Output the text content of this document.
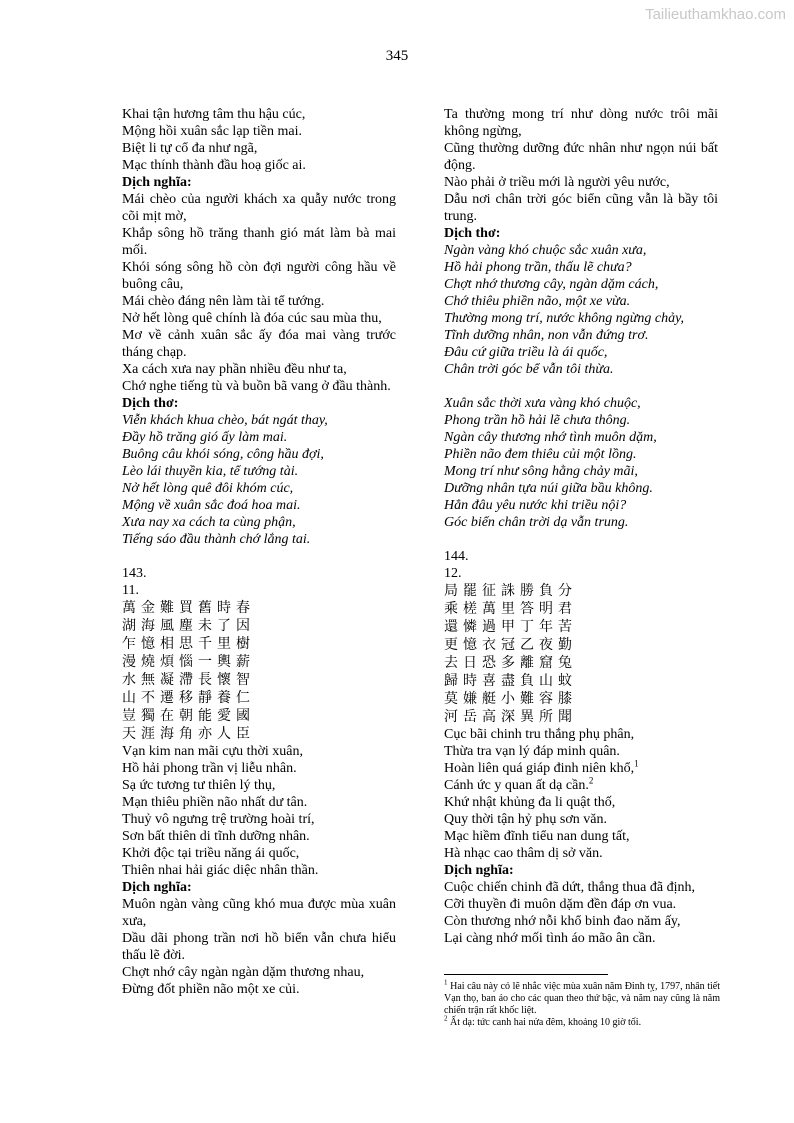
Tailieuthamkhao.com
345
Khai tận hương tâm thu hậu cúc,
Mộng hồi xuân sắc lạp tiền mai.
Biệt li tự cổ đa như ngã,
Mạc thính thành đầu hoạ giốc ai.
Dịch nghĩa:
Mái chèo của người khách xa quẫy nước trong cõi mịt mờ,
Khắp sông hồ trăng thanh gió mát làm bà mai mối.
Khói sóng sông hồ còn đợi người công hầu về buông câu,
Mái chèo đáng nên làm tài tể tướng.
Nở hết lòng quê chính là đóa cúc sau mùa thu,
Mơ về cảnh xuân sắc ấy đóa mai vàng trước tháng chạp.
Xa cách xưa nay phần nhiều đều như ta,
Chớ nghe tiếng tù và buồn bã vang ở đầu thành.
Dịch thơ:
Viễn khách khua chèo, bát ngát thay,
Đầy hồ trăng gió ấy làm mai.
Buông câu khói sóng, công hầu đợi,
Lèo lái thuyền kia, tể tướng tài.
Nở hết lòng quê đôi khóm cúc,
Mộng về xuân sắc đoá hoa mai.
Xưa nay xa cách ta cùng phận,
Tiếng sáo đầu thành chớ lắng tai.
143.
11.
萬金難買舊時春
湖海風塵未了因
乍憶相思千里樹
漫燒煩惱一輿薪
水無凝滯長懷智
山不遷移靜養仁
豈獨在朝能愛國
天涯海角亦人臣
Vạn kim nan mãi cựu thời xuân,
Hồ hải phong trần vị liễu nhân.
Sạ ức tương tư thiên lý thụ,
Mạn thiêu phiền não nhất dư tân.
Thuỷ vô ngưng trệ trường hoài trí,
Sơn bất thiên di tĩnh dưỡng nhân.
Khởi độc tại triều năng ái quốc,
Thiên nhai hải giác diệc nhân thần.
Dịch nghĩa:
Muôn ngàn vàng cũng khó mua được mùa xuân xưa,
Dầu dãi phong trần nơi hồ biển vẫn chưa hiểu thấu lẽ đời.
Chợt nhớ cây ngàn ngàn dặm thương nhau,
Đừng đốt phiền não một xe củi.
Ta thường mong trí như dòng nước trôi mãi không ngừng,
Cũng thường dưỡng đức nhân như ngọn núi bất động.
Nào phải ở triều mới là người yêu nước,
Dẫu nơi chân trời góc biển cũng vẫn là bầy tôi trung.
Dịch thơ:
Ngàn vàng khó chuộc sắc xuân xưa,
Hồ hải phong trần, thấu lẽ chưa?
Chợt nhớ thương cây, ngàn dặm cách,
Chớ thiêu phiền não, một xe vừa.
Thường mong trí, nước không ngừng chảy,
Tĩnh dưỡng nhân, non vẫn đứng trơ.
Đâu cứ giữa triều là ái quốc,
Chân trời góc bể vẫn tôi thừa.
Xuân sắc thời xưa vàng khó chuộc,
Phong trần hồ hải lẽ chưa thông.
Ngàn cây thương nhớ tình muôn dặm,
Phiền não đem thiêu củi một lồng.
Mong trí như sông hằng chảy mãi,
Dưỡng nhân tựa núi giữa bầu không.
Hẳn đâu yêu nước khi triều nội?
Góc biển chân trời dạ vẫn trung.
144.
12.
局罷征誅勝負分
乘槎萬里答明君
還憐過甲丁年苦
更憶衣冠乙夜勤
去日恐多離窟兔
歸時喜盡負山蚊
莫嫌艇小難容膝
河岳高深異所聞
Cục bãi chinh tru thắng phụ phân,
Thừa tra vạn lý đáp minh quân.
Hoàn liên quá giáp đinh niên khổ,$^1$
Cánh ức y quan ất dạ cần.$^2$
Khứ nhật khủng đa li quật thố,
Quy thời tận hỷ phụ sơn văn.
Mạc hiềm đĩnh tiểu nan dung tất,
Hà nhạc cao thâm dị sở văn.
Dịch nghĩa:
Cuộc chiến chinh đã dứt, thắng thua đã định,
Cỡi thuyền đi muôn dặm đền đáp ơn vua.
Còn thương nhớ nỗi khổ binh đao năm ấy,
Lại càng nhớ mối tình áo mão ân cần.
$^1$ Hai câu này có lẽ nhắc việc mùa xuân năm Đinh tỵ, 1797, nhân tiết Vạn thọ, ban áo cho các quan theo thứ bậc, và năm nay cũng là năm chiến trận rất khốc liệt.
$^2$ Ất dạ: tức canh hai nửa đêm, khoảng 10 giờ tối.
